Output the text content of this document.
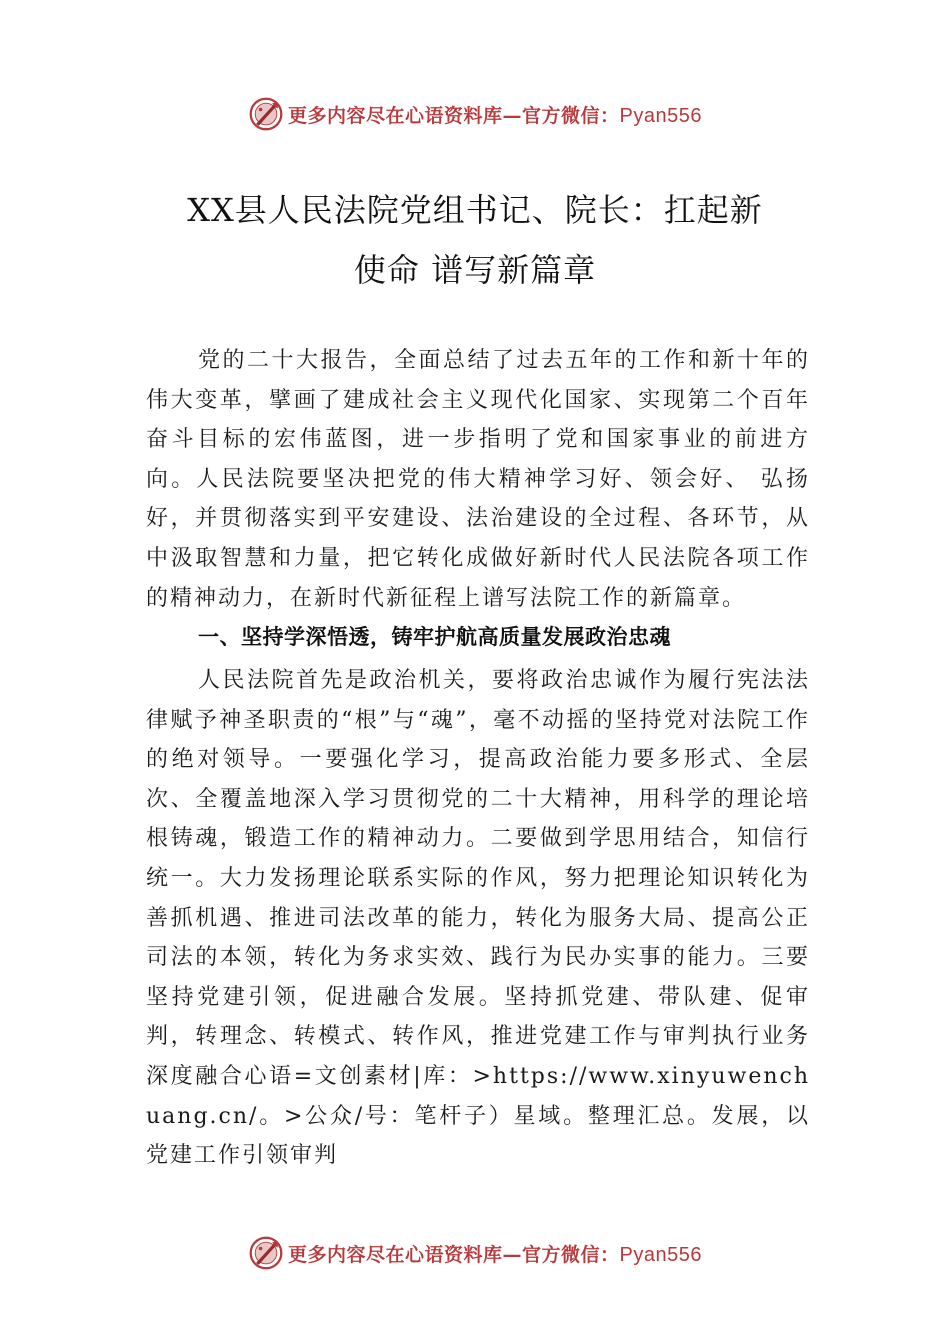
更多内容尽在心语资料库—官方微信：Pyan556
XX县人民法院党组书记、院长：扛起新
使命 谱写新篇章
党的二十大报告，全面总结了过去五年的工作和新十年的伟大变革，擘画了建成社会主义现代化国家、实现第二个百年奋斗目标的宏伟蓝图，进一步指明了党和国家事业的前进方向。人民法院要坚决把党的伟大精神学习好、领会好、 弘扬好，并贯彻落实到平安建设、法治建设的全过程、各环节，从中汲取智慧和力量，把它转化成做好新时代人民法院各项工作的精神动力，在新时代新征程上谱写法院工作的新篇章。
一、坚持学深悟透，铸牢护航高质量发展政治忠魂
人民法院首先是政治机关，要将政治忠诚作为履行宪法法律赋予神圣职责的“根”与“魂”，毫不动摇的坚持党对法院工作的绝对领导。一要强化学习，提高政治能力要多形式、全层次、全覆盖地深入学习贯彻党的二十大精神，用科学的理论培根铸魂，锻造工作的精神动力。二要做到学思用结合，知信行统一。大力发扬理论联系实际的作风，努力把理论知识转化为善抓机遇、推进司法改革的能力，转化为服务大局、提高公正司法的本领，转化为务求实效、践行为民办实事的能力。三要坚持党建引领，促进融合发展。坚持抓党建、带队建、促审判，转理念、转模式、转作风，推进党建工作与审判执行业务深度融合心语=文创素材|库：>https://www.xinyuwenchuang.cn/。>公众/号：笔杆子）星域。整理汇总。发展，以党建工作引领审判
更多内容尽在心语资料库—官方微信：Pyan556
